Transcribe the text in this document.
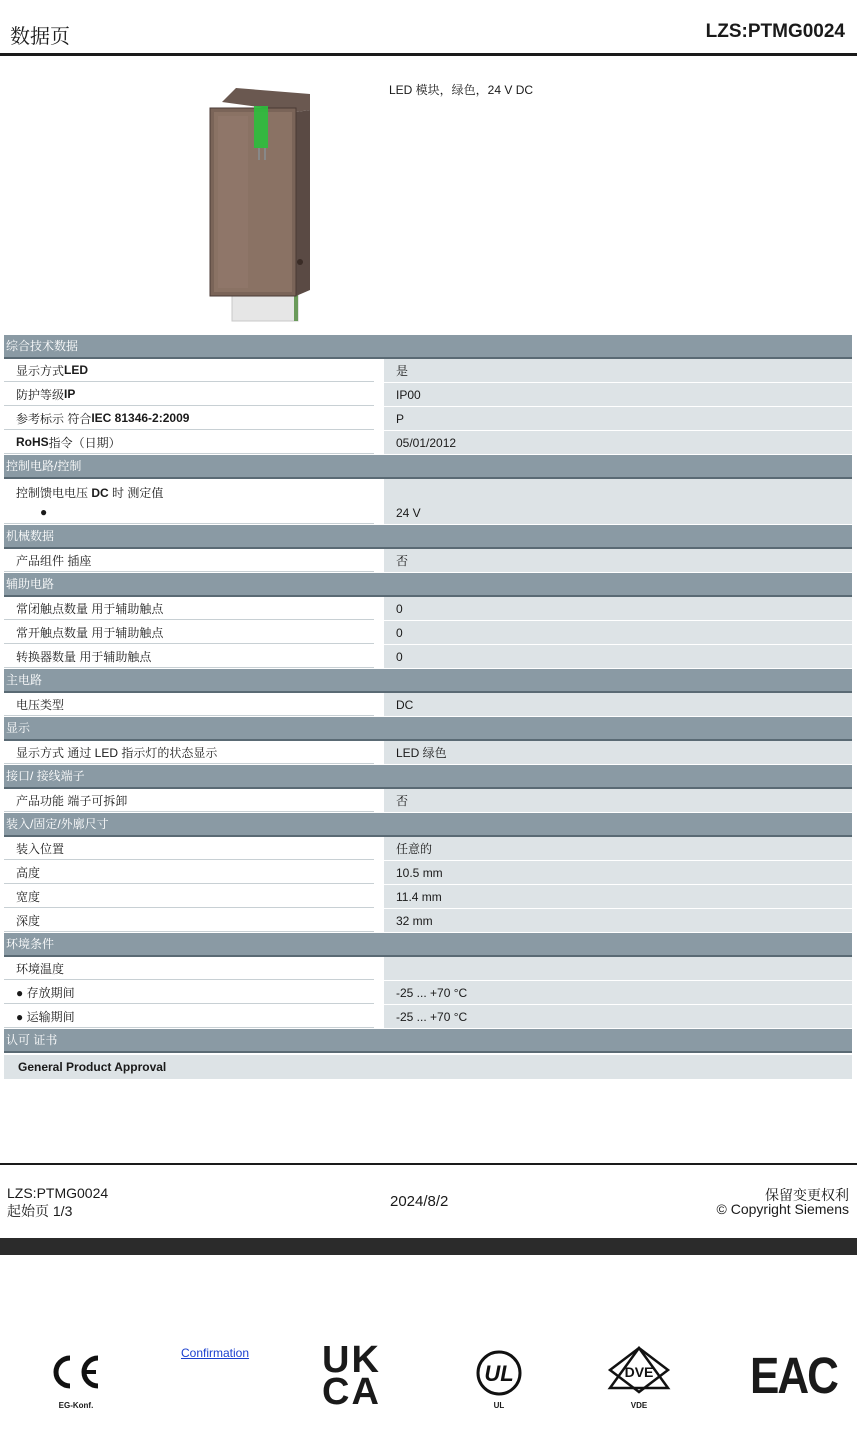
数据页	LZS:PTMG0024
LED 模块，绿色，24 V DC
综合技术数据
显示方式 LED	是
防护等级 IP	IP00
参考标示 符合 IEC 81346-2:2009	P
RoHS 指令（日期）	05/01/2012
控制电路/控制
控制馈电电压 DC 时 测定值
●	24 V
机械数据
产品组件 插座	否
辅助电路
常闭触点数量 用于辅助触点	0
常开触点数量 用于辅助触点	0
转换器数量 用于辅助触点	0
主电路
电压类型	DC
显示
显示方式 通过 LED 指示灯的状态显示	LED 绿色
接口/ 接线端子
产品功能 端子可拆卸	否
装入/固定/外廓尺寸
装入位置	任意的
高度	10.5 mm
宽度	11.4 mm
深度	32 mm
环境条件
环境温度
● 存放期间	-25 ... +70 °C
● 运输期间	-25 ... +70 °C
认可 证书
General Product Approval
LZS:PTMG0024
起始页 1/3
2024/8/2	保留变更权利
© Copyright Siemens
EG-Konf.
Confirmation UK
CA	UL
UL
DVE
VDE
EAC
